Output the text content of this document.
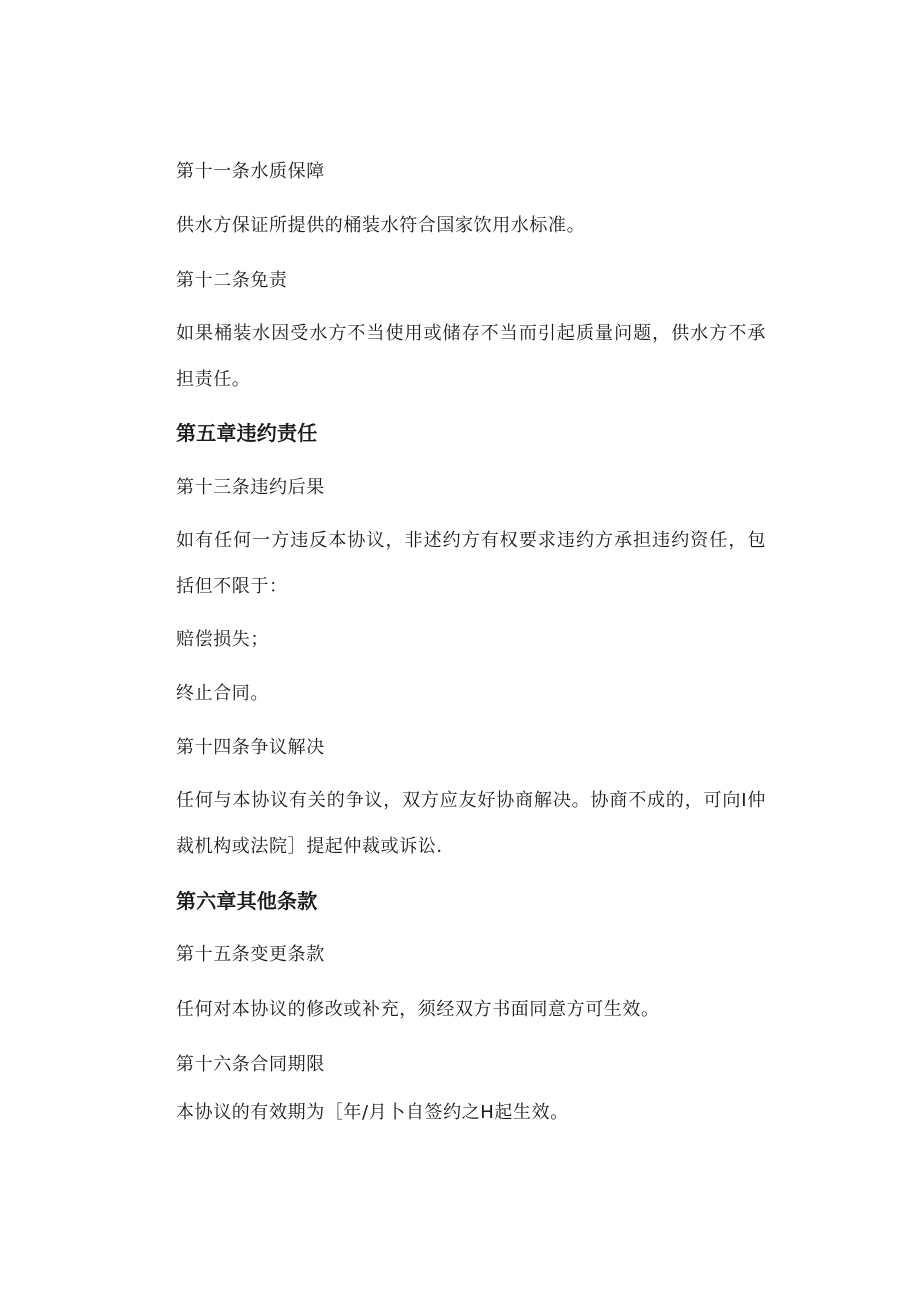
第十一条水质保障

供水方保证所提供的桶装水符合国家饮用水标准。

第十二条免责

如果桶装水因受水方不当使用或储存不当而引起质量问题，供水方不承担责任。

第五章违约责任

第十三条违约后果

如有任何一方违反本协议，非述约方有权要求违约方承担违约资任，包括但不限于：

赔偿损失；

终止合同。

第十四条争议解决

任何与本协议有关的争议，双方应友好协商解决。协商不成的，可向I仲裁机构或法院］提起仲裁或诉讼.

第六章其他条款

第十五条变更条款

任何对本协议的修改或补充，须经双方书面同意方可生效。

第十六条合同期限

本协议的有效期为［年/月卜自签约之H起生效。
